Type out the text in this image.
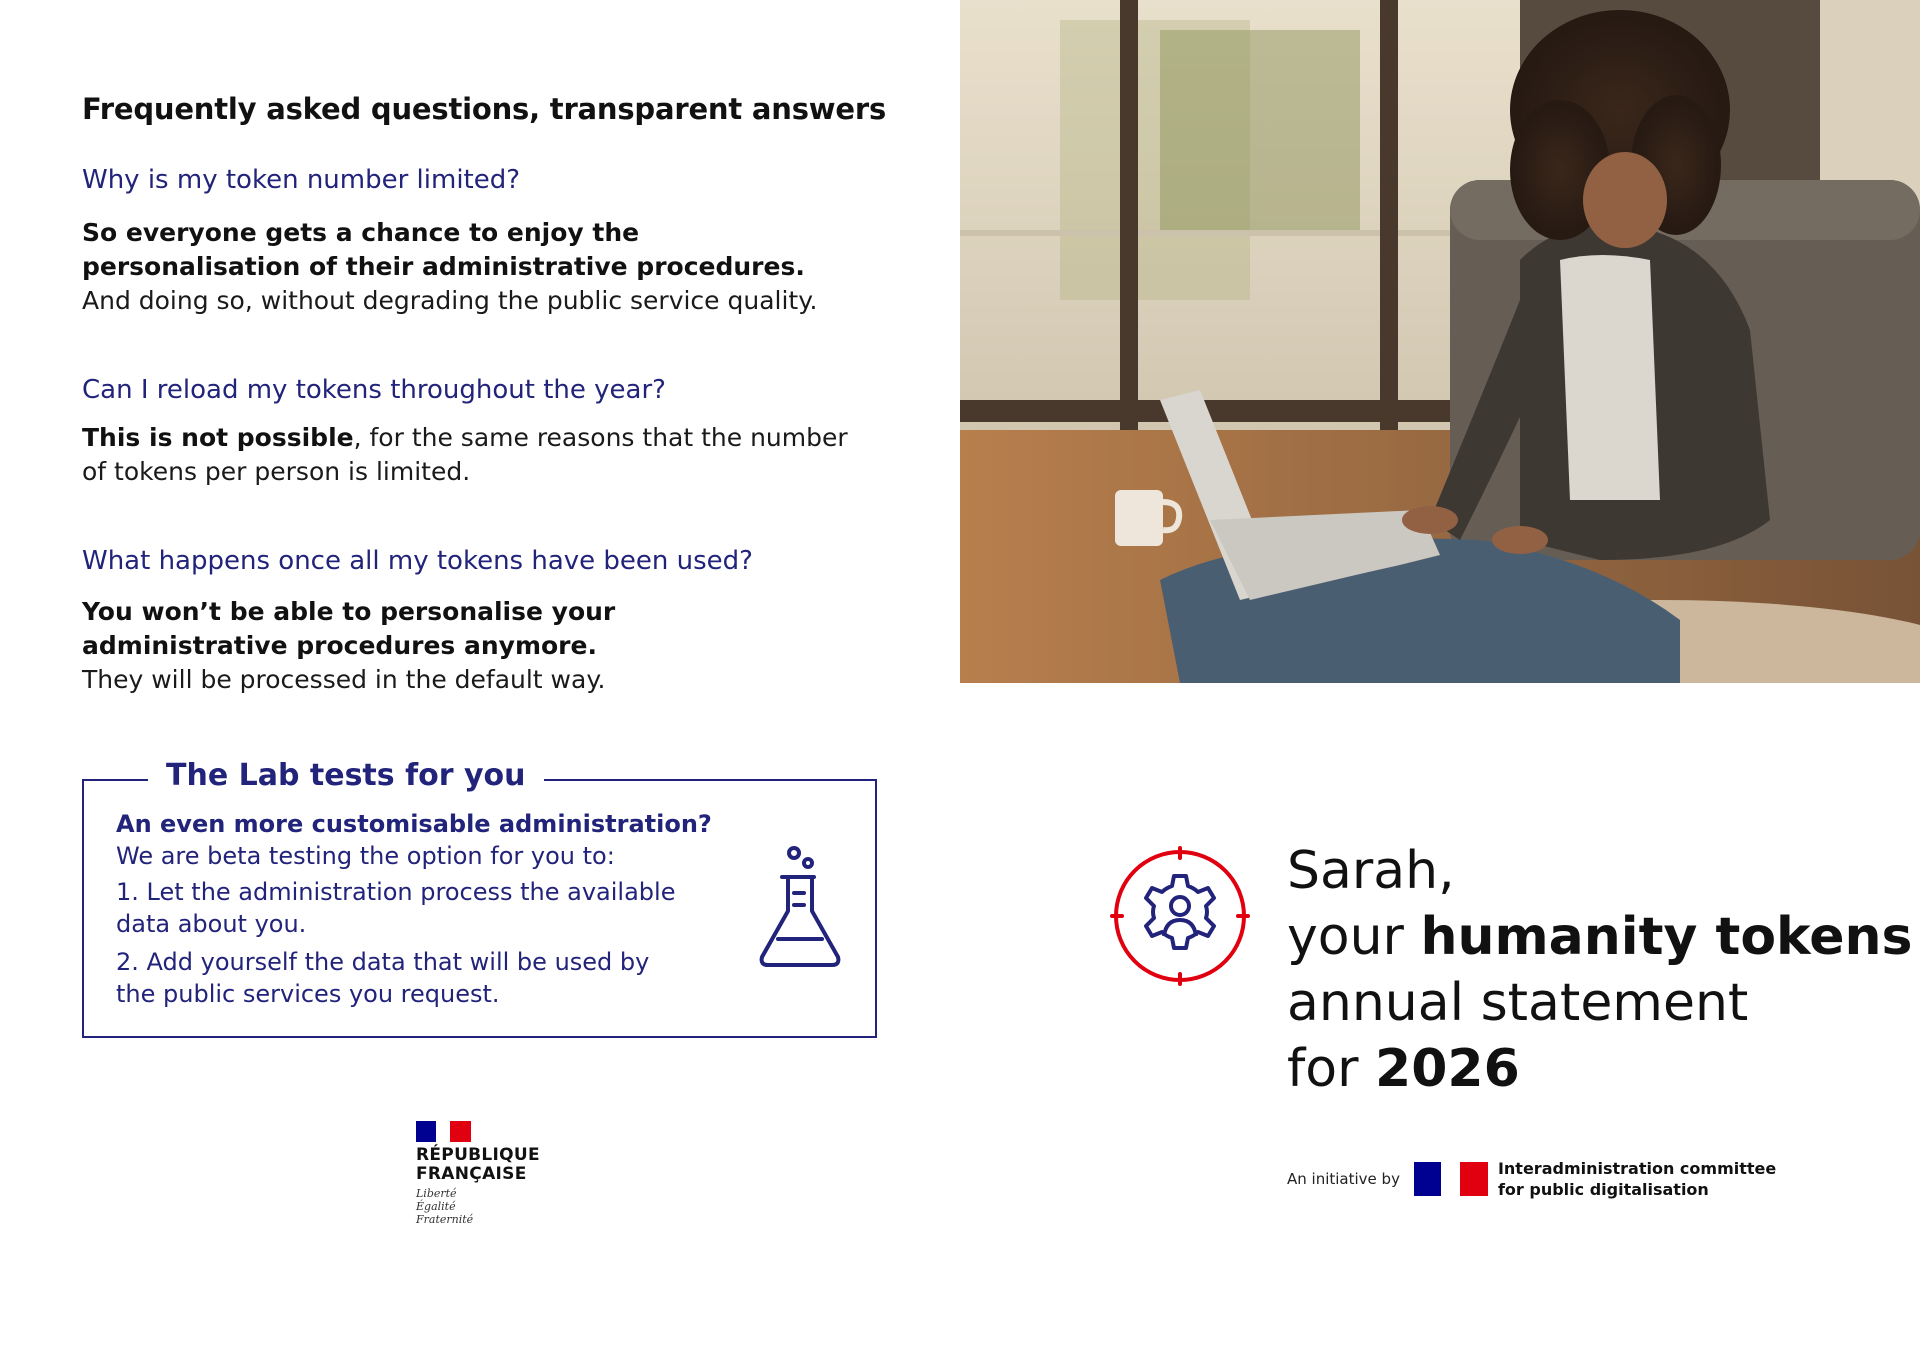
Frequently asked questions, transparent answers
Why is my token number limited?
So everyone gets a chance to enjoy the personalisation of their administrative procedures. And doing so, without degrading the public service quality.
Can I reload my tokens throughout the year?
This is not possible, for the same reasons that the number of tokens per person is limited.
What happens once all my tokens have been used?
You won’t be able to personalise your administrative procedures anymore.
They will be processed in the default way.
The Lab tests for you
An even more customisable administration?
We are beta testing the option for you to:
1. Let the administration process the available data about you.
2. Add yourself the data that will be used by the public services you request.
RÉPUBLIQUE
FRANÇAISE
Liberté
Égalité
Fraternité
Sarah,
your humanity tokens
annual statement
for 2026
An initiative by
Interadministration committee
for public digitalisation
